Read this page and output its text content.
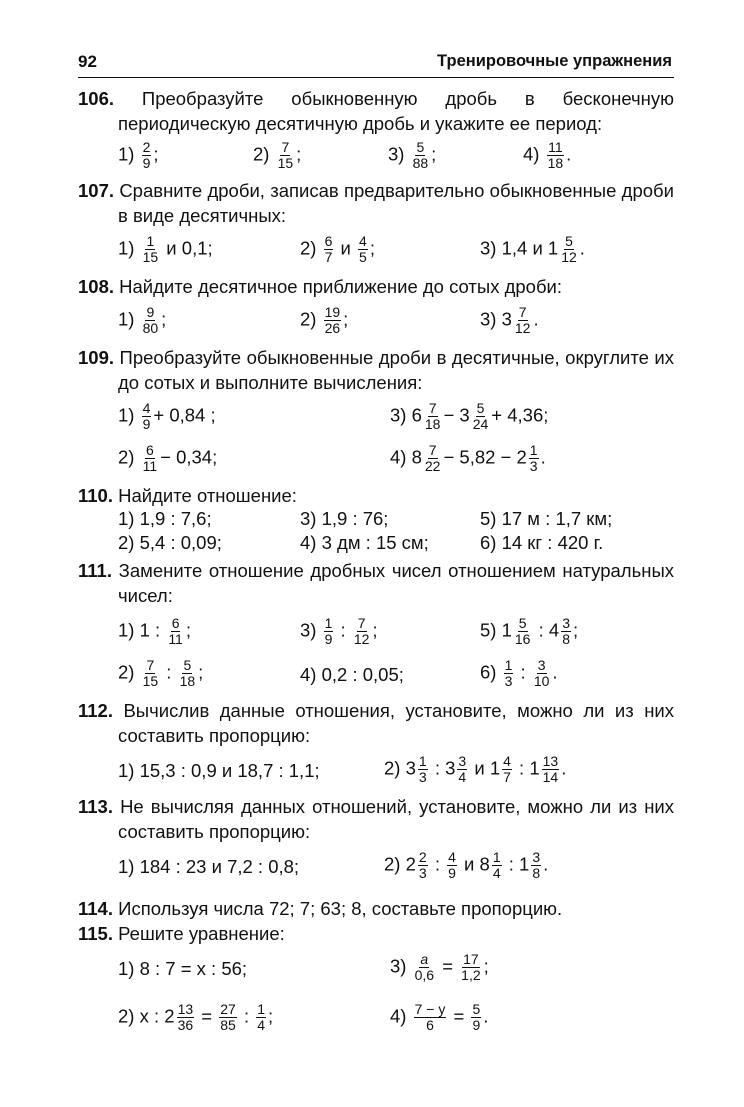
92	Тренировочные упражнения
106. Преобразуйте обыкновенную дробь в бесконечную периодическую десятичную дробь и укажите ее период:
$1) \frac{2}{9}$ ;	$2) \frac{7}{15}$ ;	$3) \frac{5}{88}$ ;	$4) \frac{11}{18}$ .
107. Сравните дроби, записав предварительно обыкновенные дроби в виде десятичных:
$1) \frac{1}{15}$ и 0,1;	$2) \frac{6}{7}$ и $\frac{4}{5}$ ;	3) 1,4 и $1 \frac{5}{12}$ .
108. Найдите десятичное приближение до сотых дроби:
$1) \frac{9}{80}$ ;	$2) \frac{19}{26}$ ;	3) $3 \frac{7}{12}$ .
109. Преобразуйте обыкновенные дроби в десятичные, округлите их до сотых и выполните вычисления:
$1) \frac{4}{9} + 0,84$ ;	3) $6 \frac{7}{18} - 3 \frac{5}{24} + 4,36$;
$2) \frac{6}{11} - 0,34$;	4) $8 \frac{7}{22} - 5,82 - 2 \frac{1}{3}$ .
110. Найдите отношение:
1) 1,9 : 7,6;	3) 1,9 : 76;	5) 17 м : 1,7 км;
2) 5,4 : 0,09;	4) 3 дм : 15 см;	6) 14 кг : 420 г.
111. Замените отношение дробных чисел отношением натуральных чисел:
1) 1 : $\frac{6}{11}$ ;	$3) \frac{1}{9}$ : $\frac{7}{12}$ ;	5) $1 \frac{5}{16}$ : $4 \frac{3}{8}$ ;
$2) \frac{7}{15}$ : $\frac{5}{18}$ ;	4) 0,2 : 0,05;	$6) \frac{1}{3}$ : $\frac{3}{10}$ .
112. Вычислив данные отношения, установите, можно ли из них составить пропорцию:
1) 15,3 : 0,9 и 18,7 : 1,1;	2) $3 \frac{1}{3}$ : $3 \frac{3}{4}$ и $1 \frac{4}{7}$ : $1 \frac{13}{14}$ .
113. Не вычисляя данных отношений, установите, можно ли из них составить пропорцию:
1) 184 : 23 и 7,2 : 0,8;	2) $2 \frac{2}{3}$ : $\frac{4}{9}$ и $8 \frac{1}{4}$ : $1 \frac{3}{8}$ .
114. Используя числа 72; 7; 63; 8, составьте пропорцию.
115. Решите уравнение:
1) 8 : 7 = x : 56;	$3) \frac{a}{0,6} = \frac{17}{1,2}$ ;
2) x : $2 \frac{13}{36} = \frac{27}{85}$ : $\frac{1}{4}$ ;	$4) \frac{7 - y}{6} = \frac{5}{9}$ .
